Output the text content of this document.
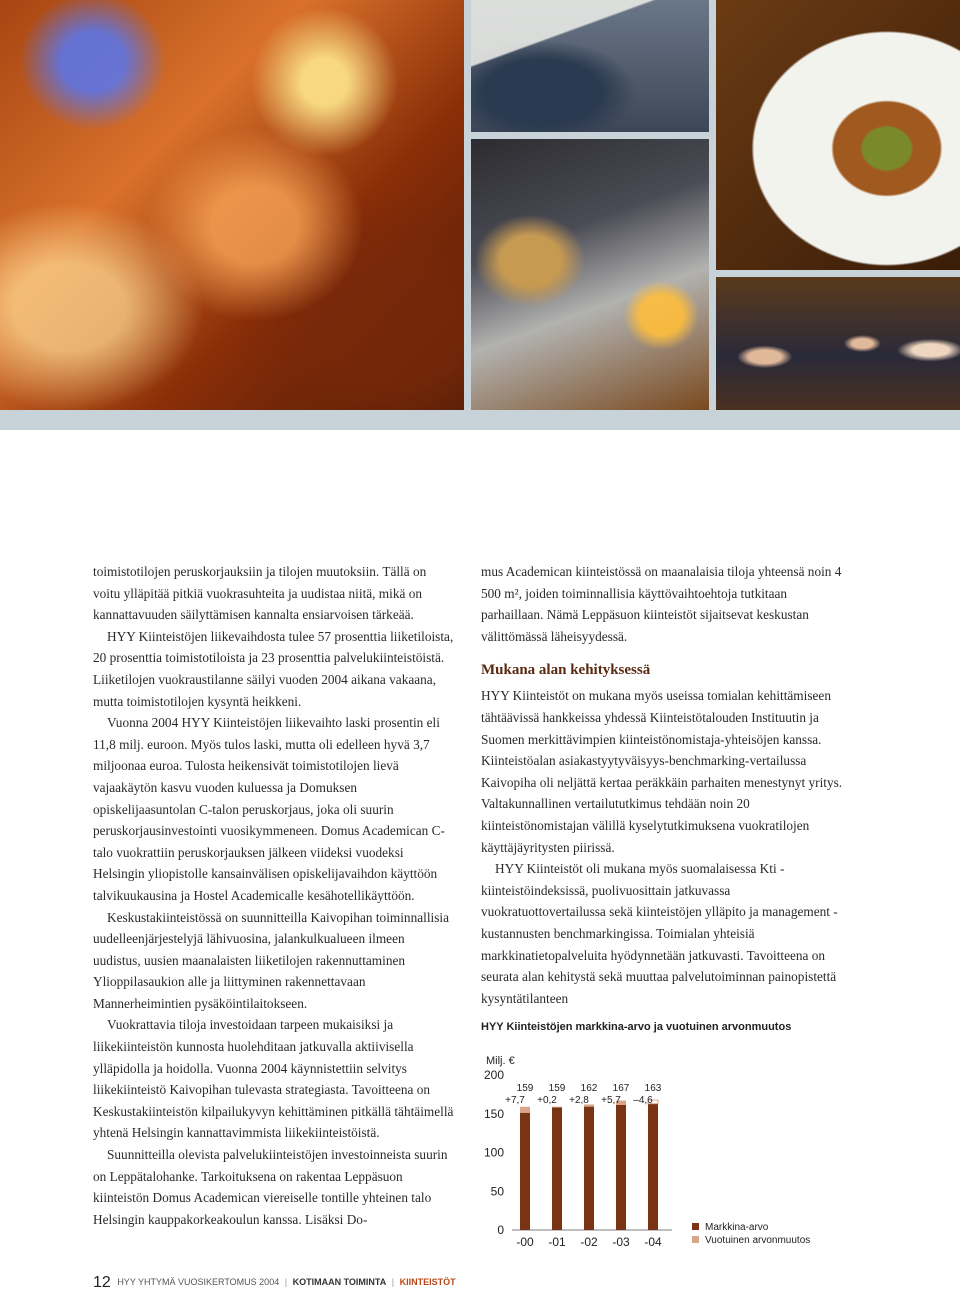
toimistotilojen peruskorjauksiin ja tilojen muutoksiin. Tällä on voitu ylläpitää pitkiä vuokrasuhteita ja uudistaa niitä, mikä on kannattavuuden säilyttämisen kannalta ensiarvoisen tärkeää.

HYY Kiinteistöjen liikevaihdosta tulee 57 prosenttia liiketiloista, 20 prosenttia toimistotiloista ja 23 prosenttia palvelukiinteistöistä. Liiketilojen vuokraustilanne säilyi vuoden 2004 aikana vakaana, mutta toimistotilojen kysyntä heikkeni.

Vuonna 2004 HYY Kiinteistöjen liikevaihto laski prosentin eli 11,8 milj. euroon. Myös tulos laski, mutta oli edelleen hyvä 3,7 miljoonaa euroa. Tulosta heikensivät toimistotilojen lievä vajaakäytön kasvu vuoden kuluessa ja Domuksen opiskelijaasuntolan C-talon peruskorjaus, joka oli suurin peruskorjausinvestointi vuosikymmeneen. Domus Academican C-talo vuokrattiin peruskorjauksen jälkeen viideksi vuodeksi Helsingin yliopistolle kansainvälisen opiskelijavaihdon käyttöön talvikuukausina ja Hostel Academicalle kesähotellikäyttöön.

Keskustakiinteistössä on suunnitteilla Kaivopihan toiminnallisia uudelleenjärjestelyjä lähivuosina, jalankulkualueen ilmeen uudistus, uusien maanalaisten liiketilojen rakennuttaminen Ylioppilasaukion alle ja liittyminen rakennettavaan Mannerheimintien pysäköintilaitokseen.

Vuokrattavia tiloja investoidaan tarpeen mukaisiksi ja liikekiinteistön kunnosta huolehditaan jatkuvalla aktiivisella ylläpidolla ja hoidolla. Vuonna 2004 käynnistettiin selvitys liikekiinteistö Kaivopihan tulevasta strategiasta. Tavoitteena on Keskustakiinteistön kilpailukyvyn kehittäminen pitkällä tähtäimellä yhtenä Helsingin kannattavimmista liikekiinteistöistä.

Suunnitteilla olevista palvelukiinteistöjen investoinneista suurin on Leppätalohanke. Tarkoituksena on rakentaa Leppäsuon kiinteistön Domus Academican viereiselle tontille yhteinen talo Helsingin kauppakorkeakoulun kanssa. Lisäksi Do-

mus Academican kiinteistössä on maanalaisia tiloja yhteensä noin 4 500 m², joiden toiminnallisia käyttövaihtoehtoja tutkitaan parhaillaan. Nämä Leppäsuon kiinteistöt sijaitsevat keskustan välittömässä läheisyydessä.

Mukana alan kehityksessä

HYY Kiinteistöt on mukana myös useissa tomialan kehittämiseen tähtäävissä hankkeissa yhdessä Kiinteistötalouden Instituutin ja Suomen merkittävimpien kiinteistönomistaja-yhteisöjen kanssa. Kiinteistöalan asiakastyytyväisyys-benchmarking-vertailussa Kaivopiha oli neljättä kertaa peräkkäin parhaiten menestynyt yritys. Valtakunnallinen vertailututkimus tehdään noin 20 kiinteistönomistajan välillä kyselytutkimuksena vuokratilojen käyttäjäyritysten piirissä.

HYY Kiinteistöt oli mukana myös suomalaisessa Kti -kiinteistöindeksissä, puolivuosittain jatkuvassa vuokratuottovertailussa sekä kiinteistöjen ylläpito ja management -kustannusten benchmarkingissa. Toimialan yhteisiä markkinatietopalveluita hyödynnetään jatkuvasti. Tavoitteena on seurata alan kehitystä sekä muuttaa palvelutoiminnan painopistettä kysyntätilanteen

HYY Kiinteistöjen markkina-arvo ja vuotuinen arvonmuutos
Milj. €
0
50
100
150
200
159
+7,7
-00
159
+0,2
-01
162
+2,8
-02
167
+5,7
-03
163
–4,6
-04
Markkina-arvo
Vuotuinen arvonmuutos
12 HYY YHTYMÄ VUOSIKERTOMUS 2004 | KOTIMAAN TOIMINTA | KIINTEISTÖT
